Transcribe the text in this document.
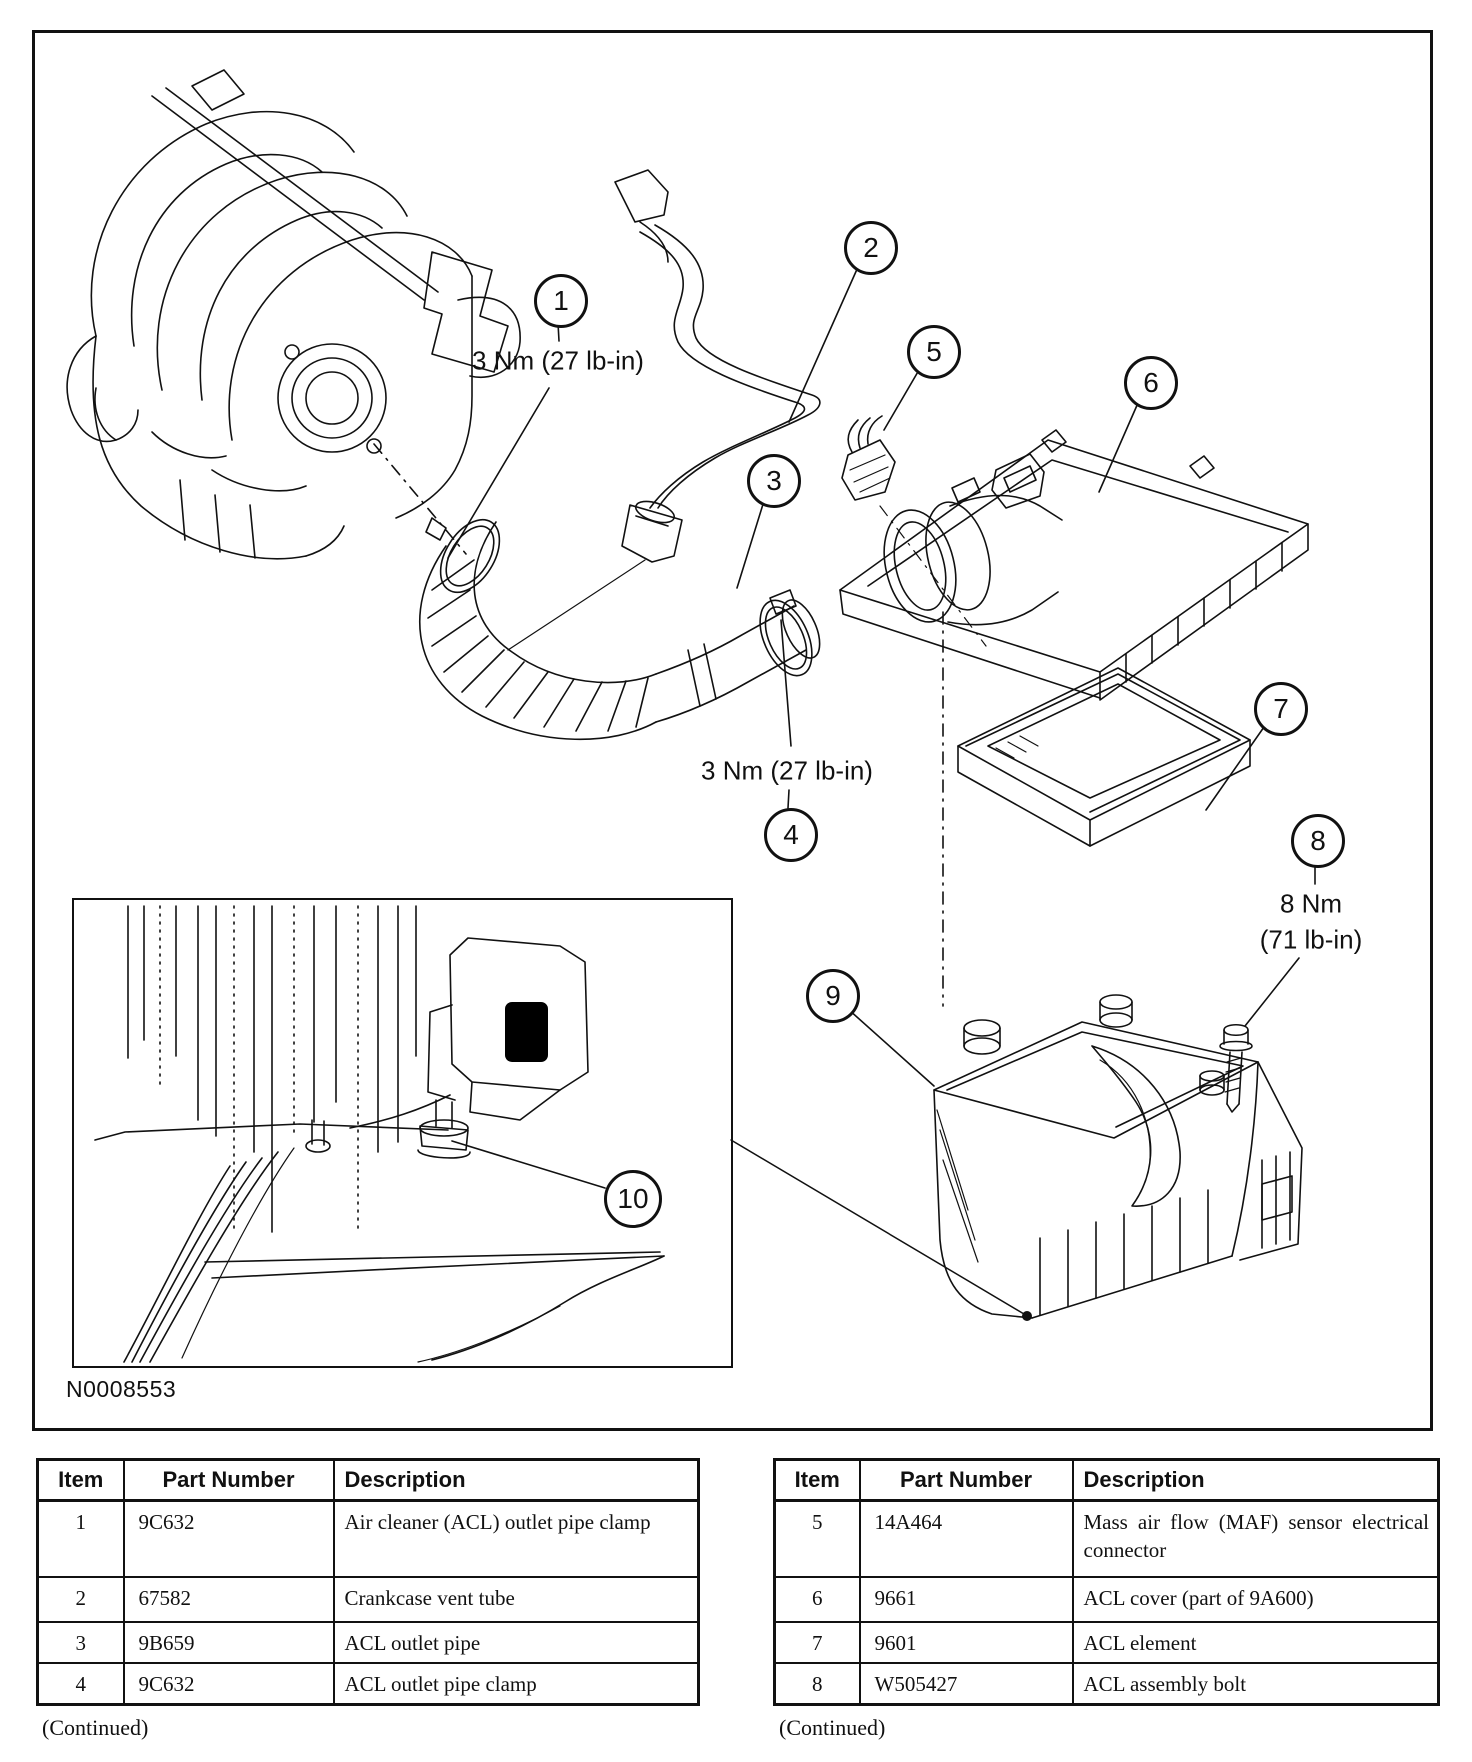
1
2
3
4
5
6
7
8
9
10
3 Nm (27 lb-in)
3 Nm (27 lb-in)
8 Nm
(71 lb-in)
N0008553
Item	Part Number	Description
1	9C632	Air cleaner (ACL) outlet pipe clamp
2	67582	Crankcase vent tube
3	9B659	ACL outlet pipe
4	9C632	ACL outlet pipe clamp
(Continued)
Item	Part Number	Description
5	14A464	Mass air flow (MAF) sensor electrical connector
6	9661	ACL cover (part of 9A600)
7	9601	ACL element
8	W505427	ACL assembly bolt
(Continued)
